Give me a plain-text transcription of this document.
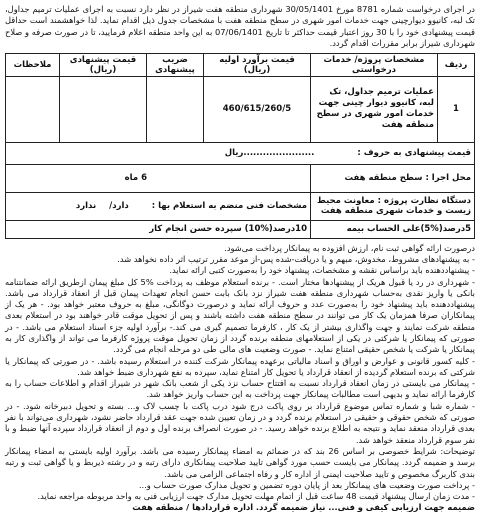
در اجرای درخواست شماره 8781 مورخ 30/05/1401 شهرداری منطقه هفت شیراز در نظر دارد نسبت به اجرای عملیات ترمیم جداول، تک لبه، کانیوو دیوارچینی جهت خدمات امور شهری در سطح منطقه هفت با مشخصات جدول ذیل اقدام نماید. لذا خواهشمند است حداقل قیمت پیشنهادی خود را با 30 روز اعتبار قیمت حداکثر تا تاریخ 07/06/1401 به این واحد منطقه اعلام فرمایید، تا در صورت صرفه و صلاح شهرداری شیراز برابر مقررات اقدام گردد.

ردیف	مشخصات پروژه/ خدمات درخواستی	قیمت برآورد اولیه (ریال)	ضریب پیشنهادی	قیمت پیشنهادی (ریال)	ملاحظات
1	عملیات ترمیم جداول، تک لبه، کانیوو دیوار چینی جهت خدمات امور شهری در سطح منطقه هفت	460/615/260/5			
قیمت پیشنهادی به حروف : ......................ریال					
محل اجرا : سطح منطقه هفت		6 ماه			
دستگاه نظارت پروژه : معاونت محیط زیست و خدمات شهری منطقه هفت		مشخصات فنی منضم به استعلام بها : دارد/ ندارد			
5درصد(%5)علی الحساب بیمه		10درصد(%10) سپرده حسن انجام کار			

درصورت ارائه گواهی ثبت نام، ارزش افزوده به پیمانکار پرداخت می‌شود.

- به پیشنهادهای مشروط، مخدوش، مبهم و یا دریافت-شده پس-از موعد مقرر ترتیب اثر داده نخواهد شد.

- پیشنهاددهنده باید براساس نقشه و مشخصات، پیشنهاد خود را به‌صورت کتبی ارائه نماید.

- شهرداری در رد یا قبول هریک از پیشنهادها مختار است. - برنده استعلام موظف به پرداخت %5 کل مبلغ پیمان ازطریق ارائه ضمانتنامه بانکی یا واریز نقدی به‌حساب شهرداری منطقه هفت شیراز نزد بانک بابت حسن انجام تعهدات پیمان قبل از انعقاد قرارداد می باشد. پیشنهاددهنده باید پیشنهاد خود را به‌صورت عدد و حروف ارائه نماید و درصورت دوگانگی، مبلغ به حروف معتبر خواهد بود. - هر یک از پیمانکاران صرفا همزمان یک کار می توانند در سطح منطقه هفت داشته باشند و پس از تحویل موقت قادر خواهند بود در استعلام بعدی منطقه شرکت نمایند و جهت واگذاری بیشتر از یک کار ، کارفرما تصمیم گیری می کند.- برآورد اولیه جزء اسناد استعلام می باشد. - در صورتی که پیمانکار یا شرکتی در یکی از استعلامهای منطقه برنده گردد از زمان تحویل موقت پروژه کارفرما می تواند از واگذاری کار به پیمانکار یا شرکت یا شخص حقیقی امتناع نماید. - صورت وضعیت های مالی طی دو مرحله انجام می گردد.

- کلیه کسور قانونی و عوارض و اوراق و اسناد مالیاتی برعهده پیمانکار شرکت کننده در استعلام رسیده باشد. - در صورتی که پیمانکار یا شرکتی که برنده استعلام گردیده از انعقاد قرارداد یا تحویل کار امتناع نماید، سپرده به نفع شهرداری ضبط خواهد شد.

- پیمانکار می بایستی در زمان انعقاد قرارداد نسبت به افتتاح حساب نزد یکی از شعب بانک شهر در شیراز اقدام و اطلاعات حساب را به کارفرما ارائه نماید و بدیهی است مطالبات پیمانکار جهت پرداخت به این حساب واریز خواهد شد.

- شماره شبا و شماره تماس موضوع قرارداد بر روی پاکت درج شود درب پاکت با چسب لاک و... بسته و تحویل دبیرخانه شود. - در صورتی که شخص حقوقی و حقیقی در استعلام برنده گردد و در زمان تعیین شده جهت عقد قرارداد حاضر نشود، شهرداری می‌تواند با نفر بعدی قرارداد منعقد نماید و نتیجه به اطلاع برنده خواهد رسید. - در صورت انصراف برنده اول و دوم از انعقاد قرارداد سپرده آنها ضبط و با نفر سوم قرارداد منعقد خواهد شد.

توضیحات: شرایط خصوصی بر اساس 26 بند که در ضمائم به امضاء پیمانکار رسیده می باشد. برآورد اولیه بایستی به امضاء پیمانکار برسد و ضمیمه گردد. پیمانکار می بایست حسب مورد گواهی تایید صلاحیت پیمانکاری دارای رتبه و در رشته ذیربط و یا گواهی ثبت و رتبه بندی کاربرگ مخصوص و تایید صلاحیت ایمنی از اداره کار و رفاه اجتماعی الزامی می باشد.

- پرداخت صورت وضعیت های پیمانکار بعد از پایان دوره تضمین و تحویل مدارک صورت حساب و...

- مدت زمان ارسال پیشنهاد قیمت 48 ساعت قبل از اتمام مهلت تحویل مدارک جهت ارزیابی فنی به واحد مربوطه مراجعه نماید.

ضمیمه جهت ارزیابی کیفی و فنی... نیاز ضمیمه گردد. اداره قراردادها / منطقه هفت
